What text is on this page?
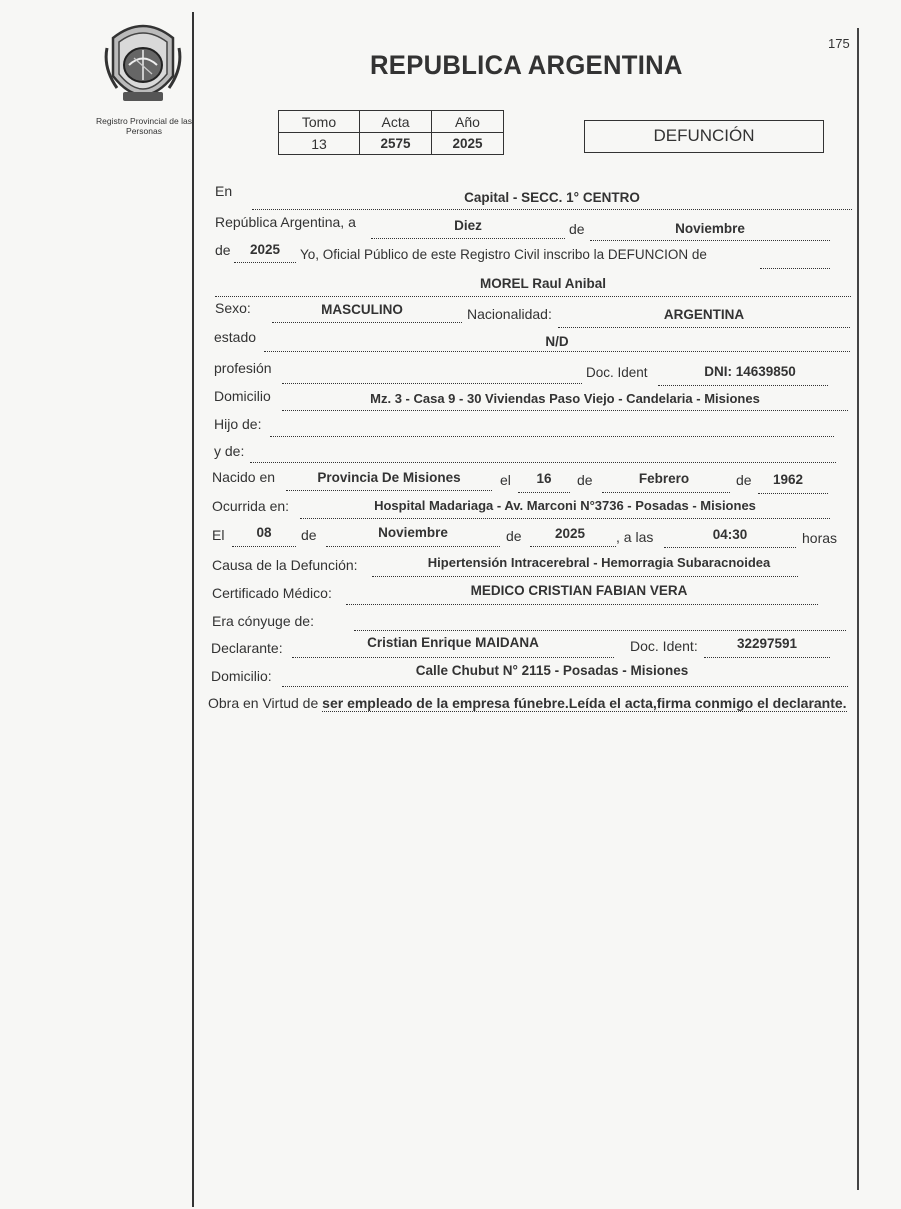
175
Registro Provincial de las Personas
REPUBLICA ARGENTINA
Tomo	Acta	Año
13	2575	2025	DEFUNCIÓN
En	Capital - SECC. 1° CENTRO
República Argentina, a	Diez	de	Noviembre
de	2025	Yo, Oficial Público de este Registro Civil inscribo la DEFUNCION de
MOREL Raul Anibal
Sexo:	MASCULINO	Nacionalidad:	ARGENTINA
estado	N/D
profesión	Doc. Ident	DNI: 14639850
Domicilio	Mz. 3 - Casa 9 - 30 Viviendas Paso Viejo - Candelaria - Misiones
Hijo de:
y de:
Nacido en	Provincia De Misiones	el	16	de	Febrero	de	1962
Ocurrida en:	Hospital Madariaga - Av. Marconi N°3736 - Posadas - Misiones
El	08	de	Noviembre	de	2025	, a las	04:30	horas
Causa de la Defunción:	Hipertensión Intracerebral - Hemorragia Subaracnoidea
Certificado Médico:	MEDICO CRISTIAN FABIAN VERA
Era cónyuge de:
Declarante:	Cristian Enrique MAIDANA	Doc. Ident:	32297591
Domicilio:	Calle Chubut N° 2115 - Posadas - Misiones
Obra en Virtud de ser empleado de la empresa fúnebre.Leída el acta,firma conmigo el declarante.
